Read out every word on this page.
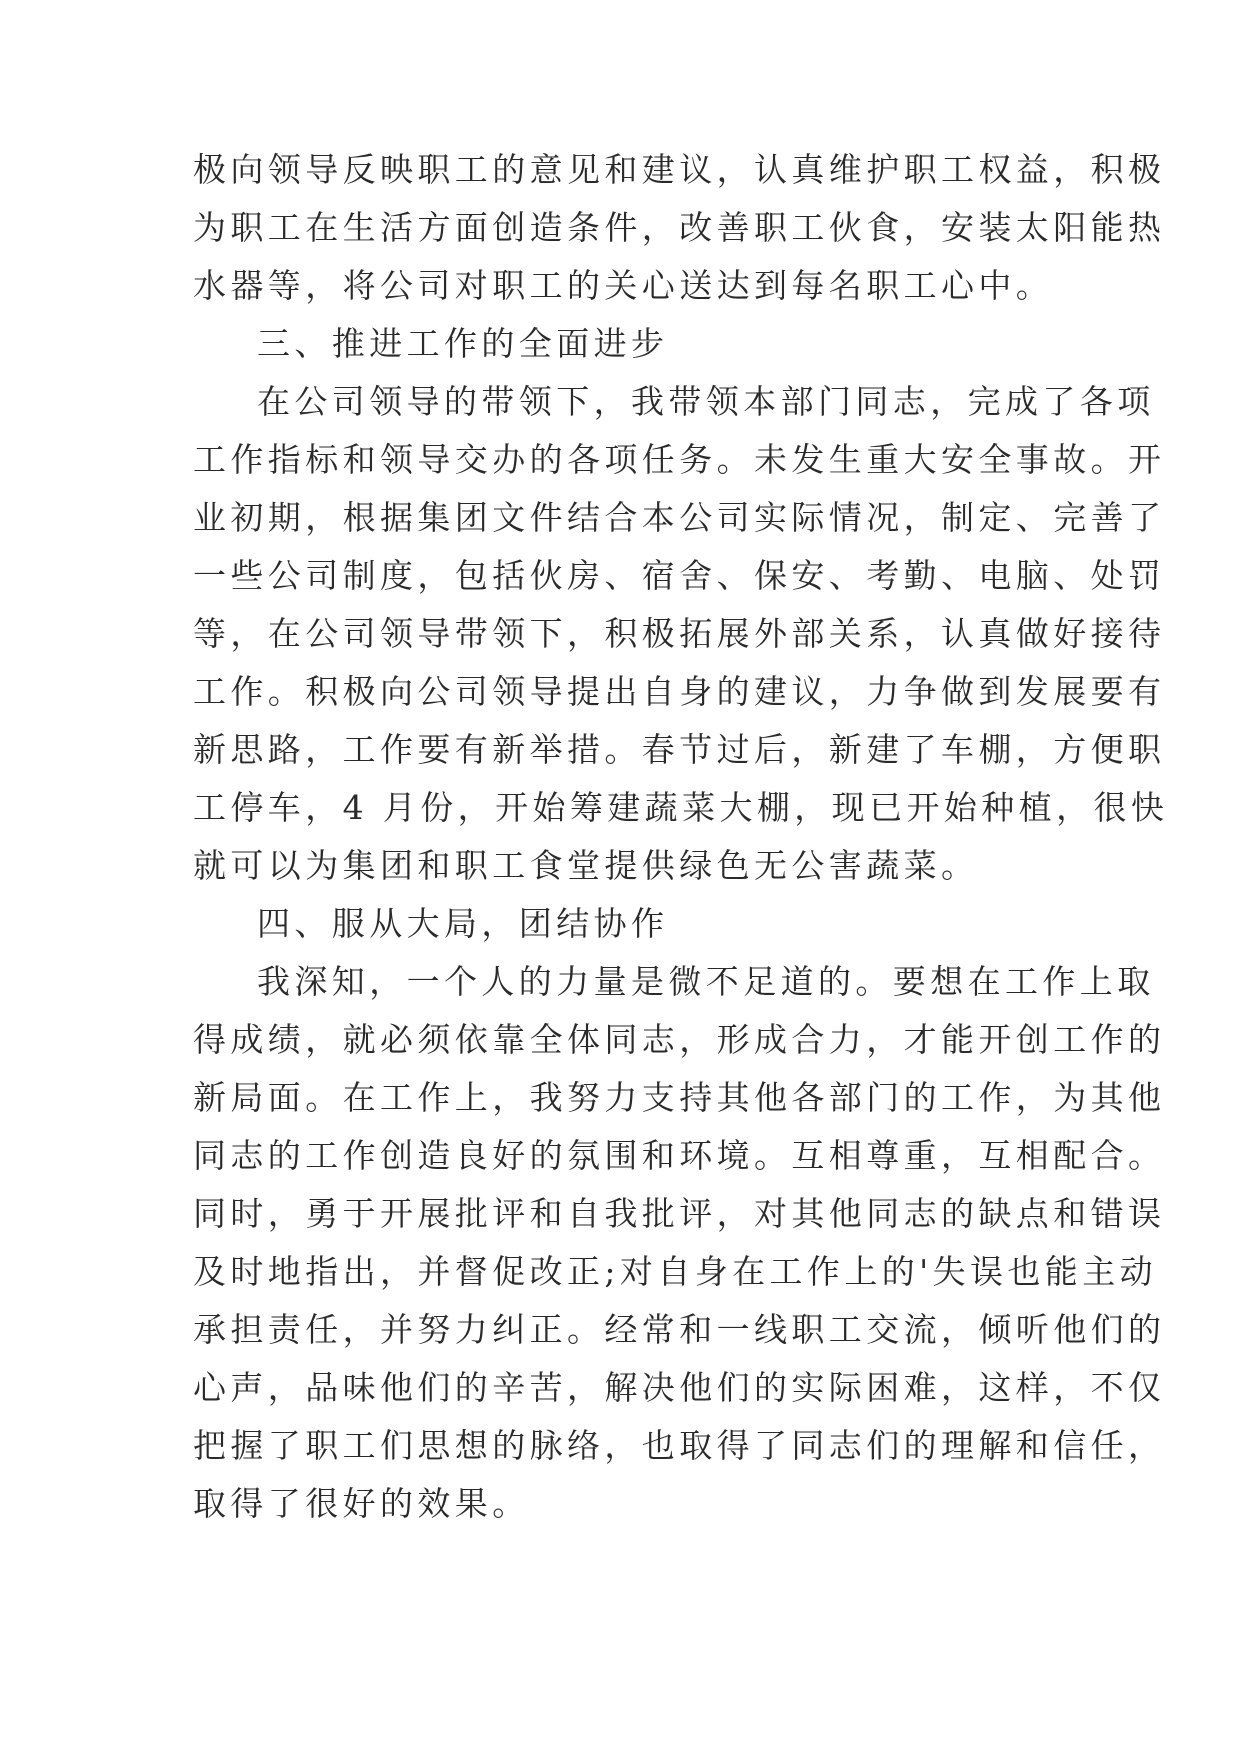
极向领导反映职工的意见和建议，认真维护职工权益，积极
为职工在生活方面创造条件，改善职工伙食，安装太阳能热
水器等，将公司对职工的关心送达到每名职工心中。
三、推进工作的全面进步
在公司领导的带领下，我带领本部门同志，完成了各项
工作指标和领导交办的各项任务。未发生重大安全事故。开
业初期，根据集团文件结合本公司实际情况，制定、完善了
一些公司制度，包括伙房、宿舍、保安、考勤、电脑、处罚
等，在公司领导带领下，积极拓展外部关系，认真做好接待
工作。积极向公司领导提出自身的建议，力争做到发展要有
新思路，工作要有新举措。春节过后，新建了车棚，方便职
工停车，4 月份，开始筹建蔬菜大棚，现已开始种植，很快
就可以为集团和职工食堂提供绿色无公害蔬菜。
四、服从大局，团结协作
我深知，一个人的力量是微不足道的。要想在工作上取
得成绩，就必须依靠全体同志，形成合力，才能开创工作的
新局面。在工作上，我努力支持其他各部门的工作，为其他
同志的工作创造良好的氛围和环境。互相尊重，互相配合。
同时，勇于开展批评和自我批评，对其他同志的缺点和错误
及时地指出，并督促改正;对自身在工作上的'失误也能主动
承担责任，并努力纠正。经常和一线职工交流，倾听他们的
心声，品味他们的辛苦，解决他们的实际困难，这样，不仅
把握了职工们思想的脉络，也取得了同志们的理解和信任，
取得了很好的效果。
